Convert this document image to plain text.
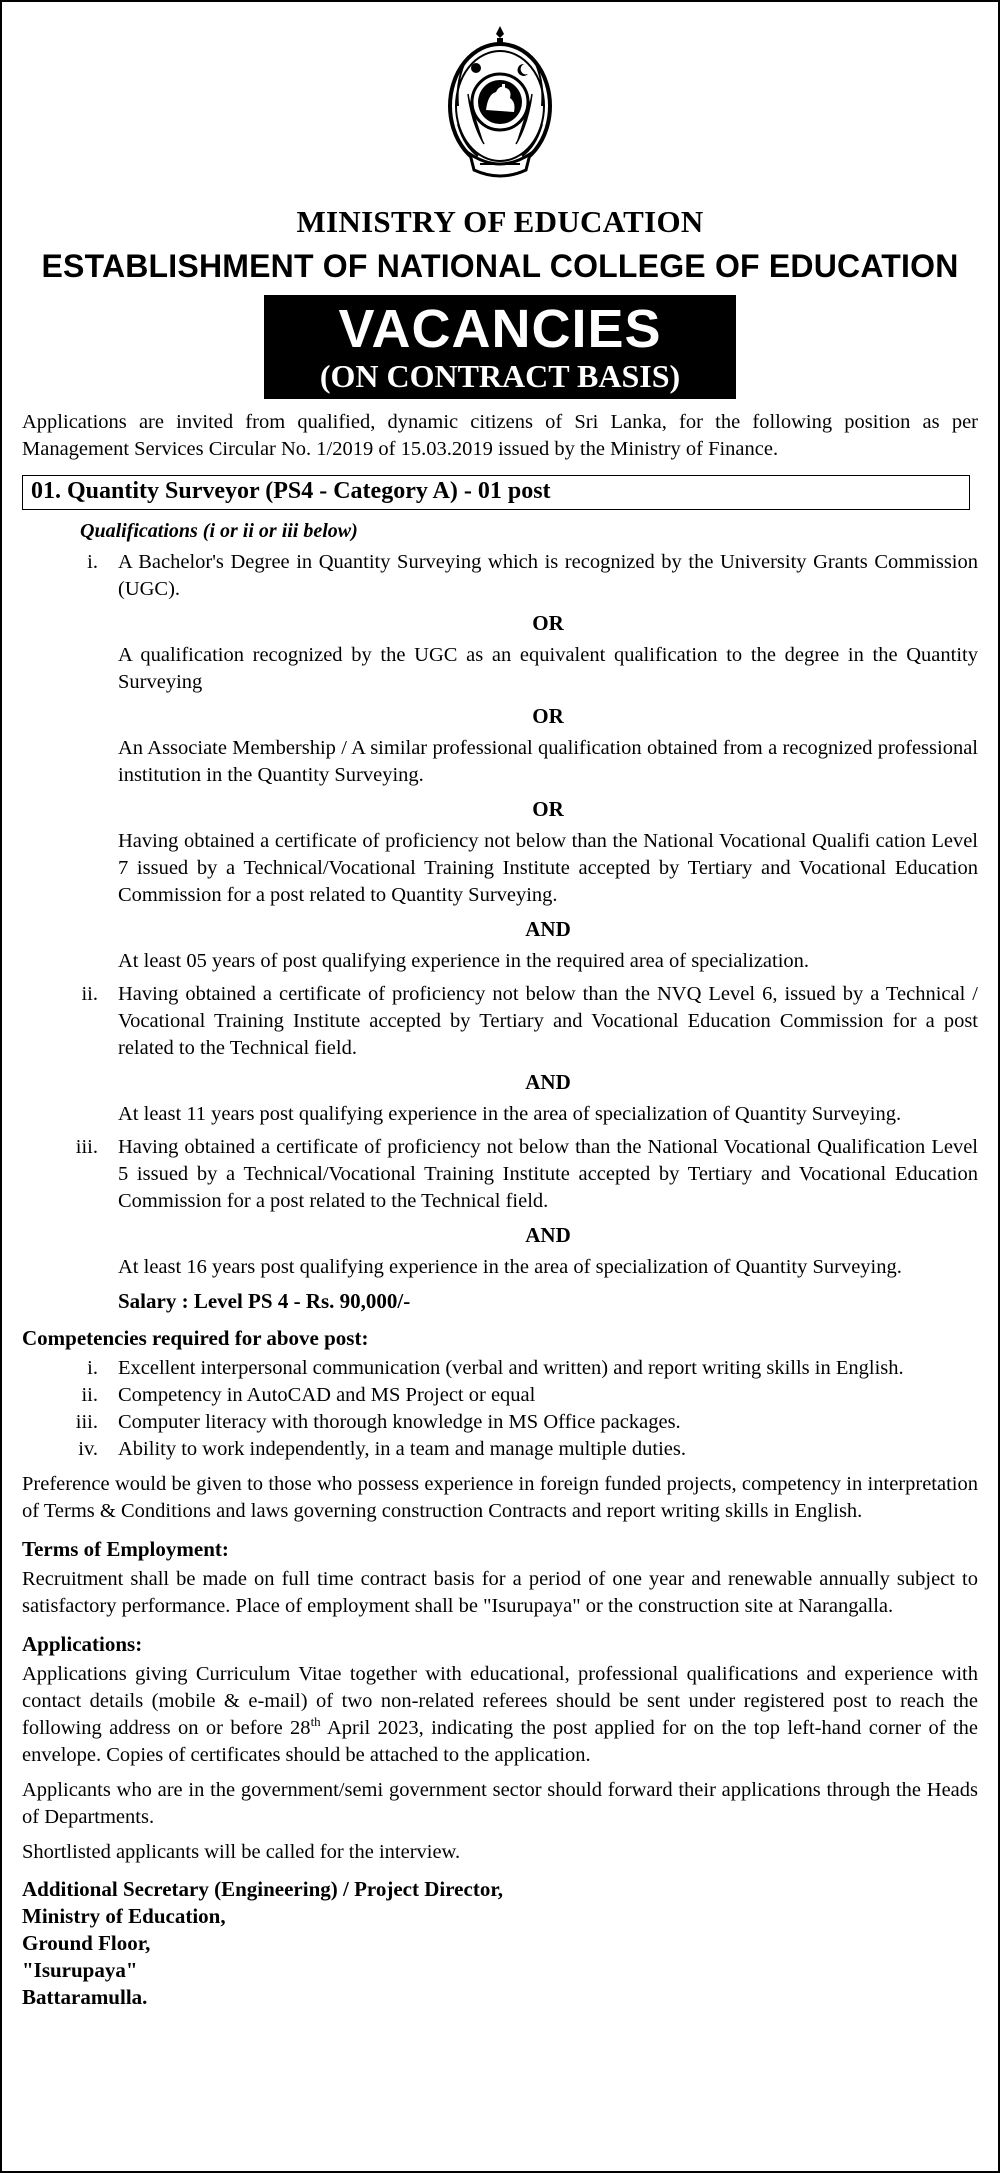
MINISTRY OF EDUCATION
ESTABLISHMENT OF NATIONAL COLLEGE OF EDUCATION
VACANCIES
(ON CONTRACT BASIS)
Applications are invited from qualified, dynamic citizens of Sri Lanka, for the following position as per Management Services Circular No. 1/2019 of 15.03.2019 issued by the Ministry of Finance.
01. Quantity Surveyor (PS4 - Category A) - 01 post
Qualifications (i or ii or iii below)
i. A Bachelor's Degree in Quantity Surveying which is recognized by the University Grants Commission (UGC).
OR
A qualification recognized by the UGC as an equivalent qualification to the degree in the Quantity Surveying
OR
An Associate Membership / A similar professional qualification obtained from a recognized professional institution in the Quantity Surveying.
OR
Having obtained a certificate of proficiency not below than the National Vocational Qualifi cation Level 7 issued by a Technical/Vocational Training Institute accepted by Tertiary and Vocational Education Commission for a post related to Quantity Surveying.
AND
At least 05 years of post qualifying experience in the required area of specialization.
ii. Having obtained a certificate of proficiency not below than the NVQ Level 6, issued by a Technical / Vocational Training Institute accepted by Tertiary and Vocational Education Commission for a post related to the Technical field.
AND
At least 11 years post qualifying experience in the area of specialization of Quantity Surveying.
iii. Having obtained a certificate of proficiency not below than the National Vocational Qualification Level 5 issued by a Technical/Vocational Training Institute accepted by Tertiary and Vocational Education Commission for a post related to the Technical field.
AND
At least 16 years post qualifying experience in the area of specialization of Quantity Surveying.
Salary : Level PS 4 - Rs. 90,000/-
Competencies required for above post:
i. Excellent interpersonal communication (verbal and written) and report writing skills in English.
ii. Competency in AutoCAD and MS Project or equal
iii. Computer literacy with thorough knowledge in MS Office packages.
iv. Ability to work independently, in a team and manage multiple duties.
Preference would be given to those who possess experience in foreign funded projects, competency in interpretation of Terms & Conditions and laws governing construction Contracts and report writing skills in English.
Terms of Employment:
Recruitment shall be made on full time contract basis for a period of one year and renewable annually subject to satisfactory performance. Place of employment shall be "Isurupaya" or the construction site at Narangalla.
Applications:
Applications giving Curriculum Vitae together with educational, professional qualifications and experience with contact details (mobile & e-mail) of two non-related referees should be sent under registered post to reach the following address on or before 28th April 2023, indicating the post applied for on the top left-hand corner of the envelope. Copies of certificates should be attached to the application.
Applicants who are in the government/semi government sector should forward their applications through the Heads of Departments.
Shortlisted applicants will be called for the interview.
Additional Secretary (Engineering) / Project Director,
Ministry of Education,
Ground Floor,
"Isurupaya"
Battaramulla.
